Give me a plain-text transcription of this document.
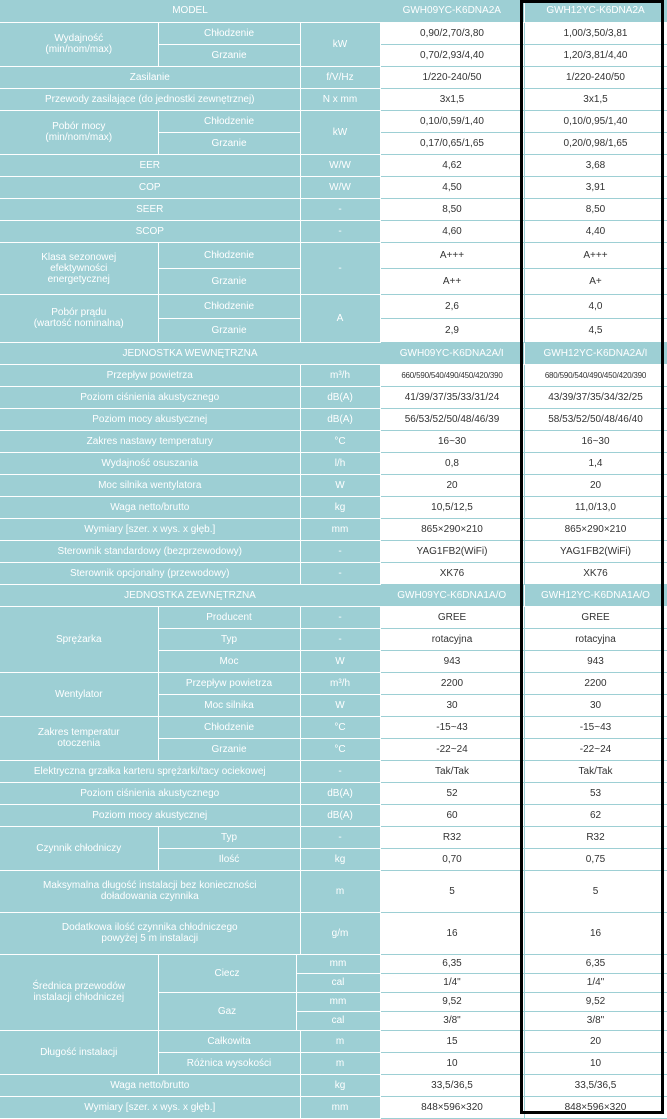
MODEL				GWH09YC-K6DNA2A	GWH12YC-K6DNA2A
Wydajność
(min/nom/max)	Chłodzenie		kW	0,90/2,70/3,80	1,00/3,50/3,81
	Grzanie			0,70/2,93/4,40	1,20/3,81/4,40
Zasilanie			f/V/Hz	1/220-240/50	1/220-240/50
Przewody zasilające (do jednostki zewnętrznej)			N x mm	3x1,5	3x1,5
Pobór mocy
(min/nom/max)	Chłodzenie		kW	0,10/0,59/1,40	0,10/0,95/1,40
	Grzanie			0,17/0,65/1,65	0,20/0,98/1,65
EER			W/W	4,62	3,68
COP			W/W	4,50	3,91
SEER			-	8,50	8,50
SCOP			-	4,60	4,40
Klasa sezonowej
efektywności
energetycznej	Chłodzenie		-	A+++	A+++
	Grzanie			A++	A+
Pobór prądu
(wartość nominalna)	Chłodzenie		A	2,6	4,0
	Grzanie			2,9	4,5
JEDNOSTKA WEWNĘTRZNA				GWH09YC-K6DNA2A/I	GWH12YC-K6DNA2A/I
Przepływ powietrza			m³/h	660/590/540/490/450/420/390	680/590/540/490/450/420/390
Poziom ciśnienia akustycznego			dB(A)	41/39/37/35/33/31/24	43/39/37/35/34/32/25
Poziom mocy akustycznej			dB(A)	56/53/52/50/48/46/39	58/53/52/50/48/46/40
Zakres nastawy temperatury			°C	16~30	16~30
Wydajność osuszania			l/h	0,8	1,4
Moc silnika wentylatora			W	20	20
Waga netto/brutto			kg	10,5/12,5	11,0/13,0
Wymiary [szer. x wys. x głęb.]			mm	865×290×210	865×290×210
Sterownik standardowy (bezprzewodowy)			-	YAG1FB2(WiFi)	YAG1FB2(WiFi)
Sterownik opcjonalny (przewodowy)			-	XK76	XK76
JEDNOSTKA ZEWNĘTRZNA				GWH09YC-K6DNA1A/O	GWH12YC-K6DNA1A/O
Sprężarka	Producent		-	GREE	GREE
	Typ		-	rotacyjna	rotacyjna
	Moc		W	943	943
Wentylator	Przepływ powietrza		m³/h	2200	2200
	Moc silnika		W	30	30
Zakres temperatur
otoczenia	Chłodzenie		°C	-15~43	-15~43
	Grzanie		°C	-22~24	-22~24
Elektryczna grzałka karteru sprężarki/tacy ociekowej			-	Tak/Tak	Tak/Tak
Poziom ciśnienia akustycznego			dB(A)	52	53
Poziom mocy akustycznej			dB(A)	60	62
Czynnik chłodniczy	Typ		-	R32	R32
	Ilość		kg	0,70	0,75
Maksymalna długość instalacji bez konieczności
doładowania czynnika			m	5	5
Dodatkowa ilość czynnika chłodniczego
powyżej 5 m instalacji			g/m	16	16
Średnica przewodów
instalacji chłodniczej	Ciecz	mm		6,35	6,35
		cal		1/4"	1/4"
	Gaz	mm		9,52	9,52
		cal		3/8"	3/8"
Długość instalacji	Całkowita		m	15	20
	Różnica wysokości		m	10	10
Waga netto/brutto			kg	33,5/36,5	33,5/36,5
Wymiary [szer. x wys. x głęb.]			mm	848×596×320	848×596×320
